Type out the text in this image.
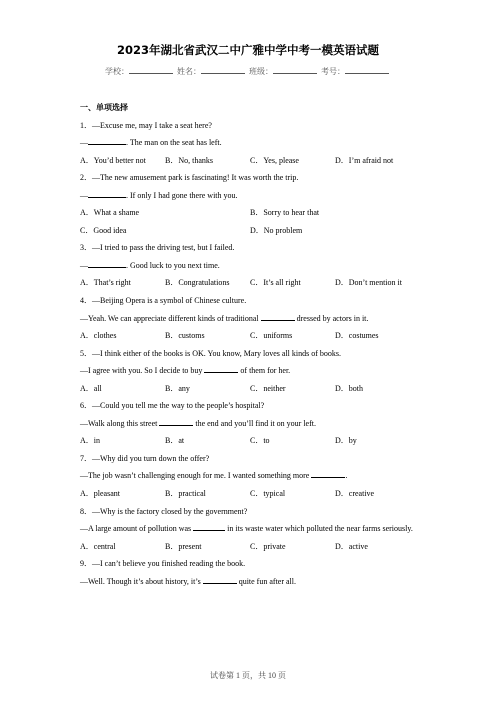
2023年湖北省武汉二中广雅中学中考一模英语试题
学校：	姓名：	班级：	考号：
一、单项选择
1．—Excuse me, may I take a seat here?
—	. The man on the seat has left.
A．You’d better not	B．No, thanks	C．Yes, please	D．I’m afraid not
2．—The new amusement park is fascinating! It was worth the trip.
—	. If only I had gone there with you.
A．What a shame	B．Sorry to hear that
C．Good idea	D．No problem
3．—I tried to pass the driving test, but I failed.
—	. Good luck to you next time.
A．That’s right	B．Congratulations	C．It’s all right	D．Don’t mention it
4．—Beijing Opera is a symbol of Chinese culture.
—Yeah. We can appreciate different kinds of traditional	dressed by actors in it.
A．clothes	B．customs	C．uniforms	D．costumes
5．—I think either of the books is OK. You know, Mary loves all kinds of books.
—I agree with you. So I decide to buy	of them for her.
A．all	B．any	C．neither	D．both
6．—Could you tell me the way to the people’s hospital?
—Walk along this street	the end and you’ll find it on your left.
A．in	B．at	C．to	D．by
7．—Why did you turn down the offer?
—The job wasn’t challenging enough for me. I wanted something more	.
A．pleasant	B．practical	C．typical	D．creative
8．—Why is the factory closed by the government?
—A large amount of pollution was	in its waste water which polluted the near farms seriously.
A．central	B．present	C．private	D．active
9．—I can’t believe you finished reading the book.
—Well. Though it’s about history, it’s	quite fun after all.
试卷第 1 页，共 10 页
